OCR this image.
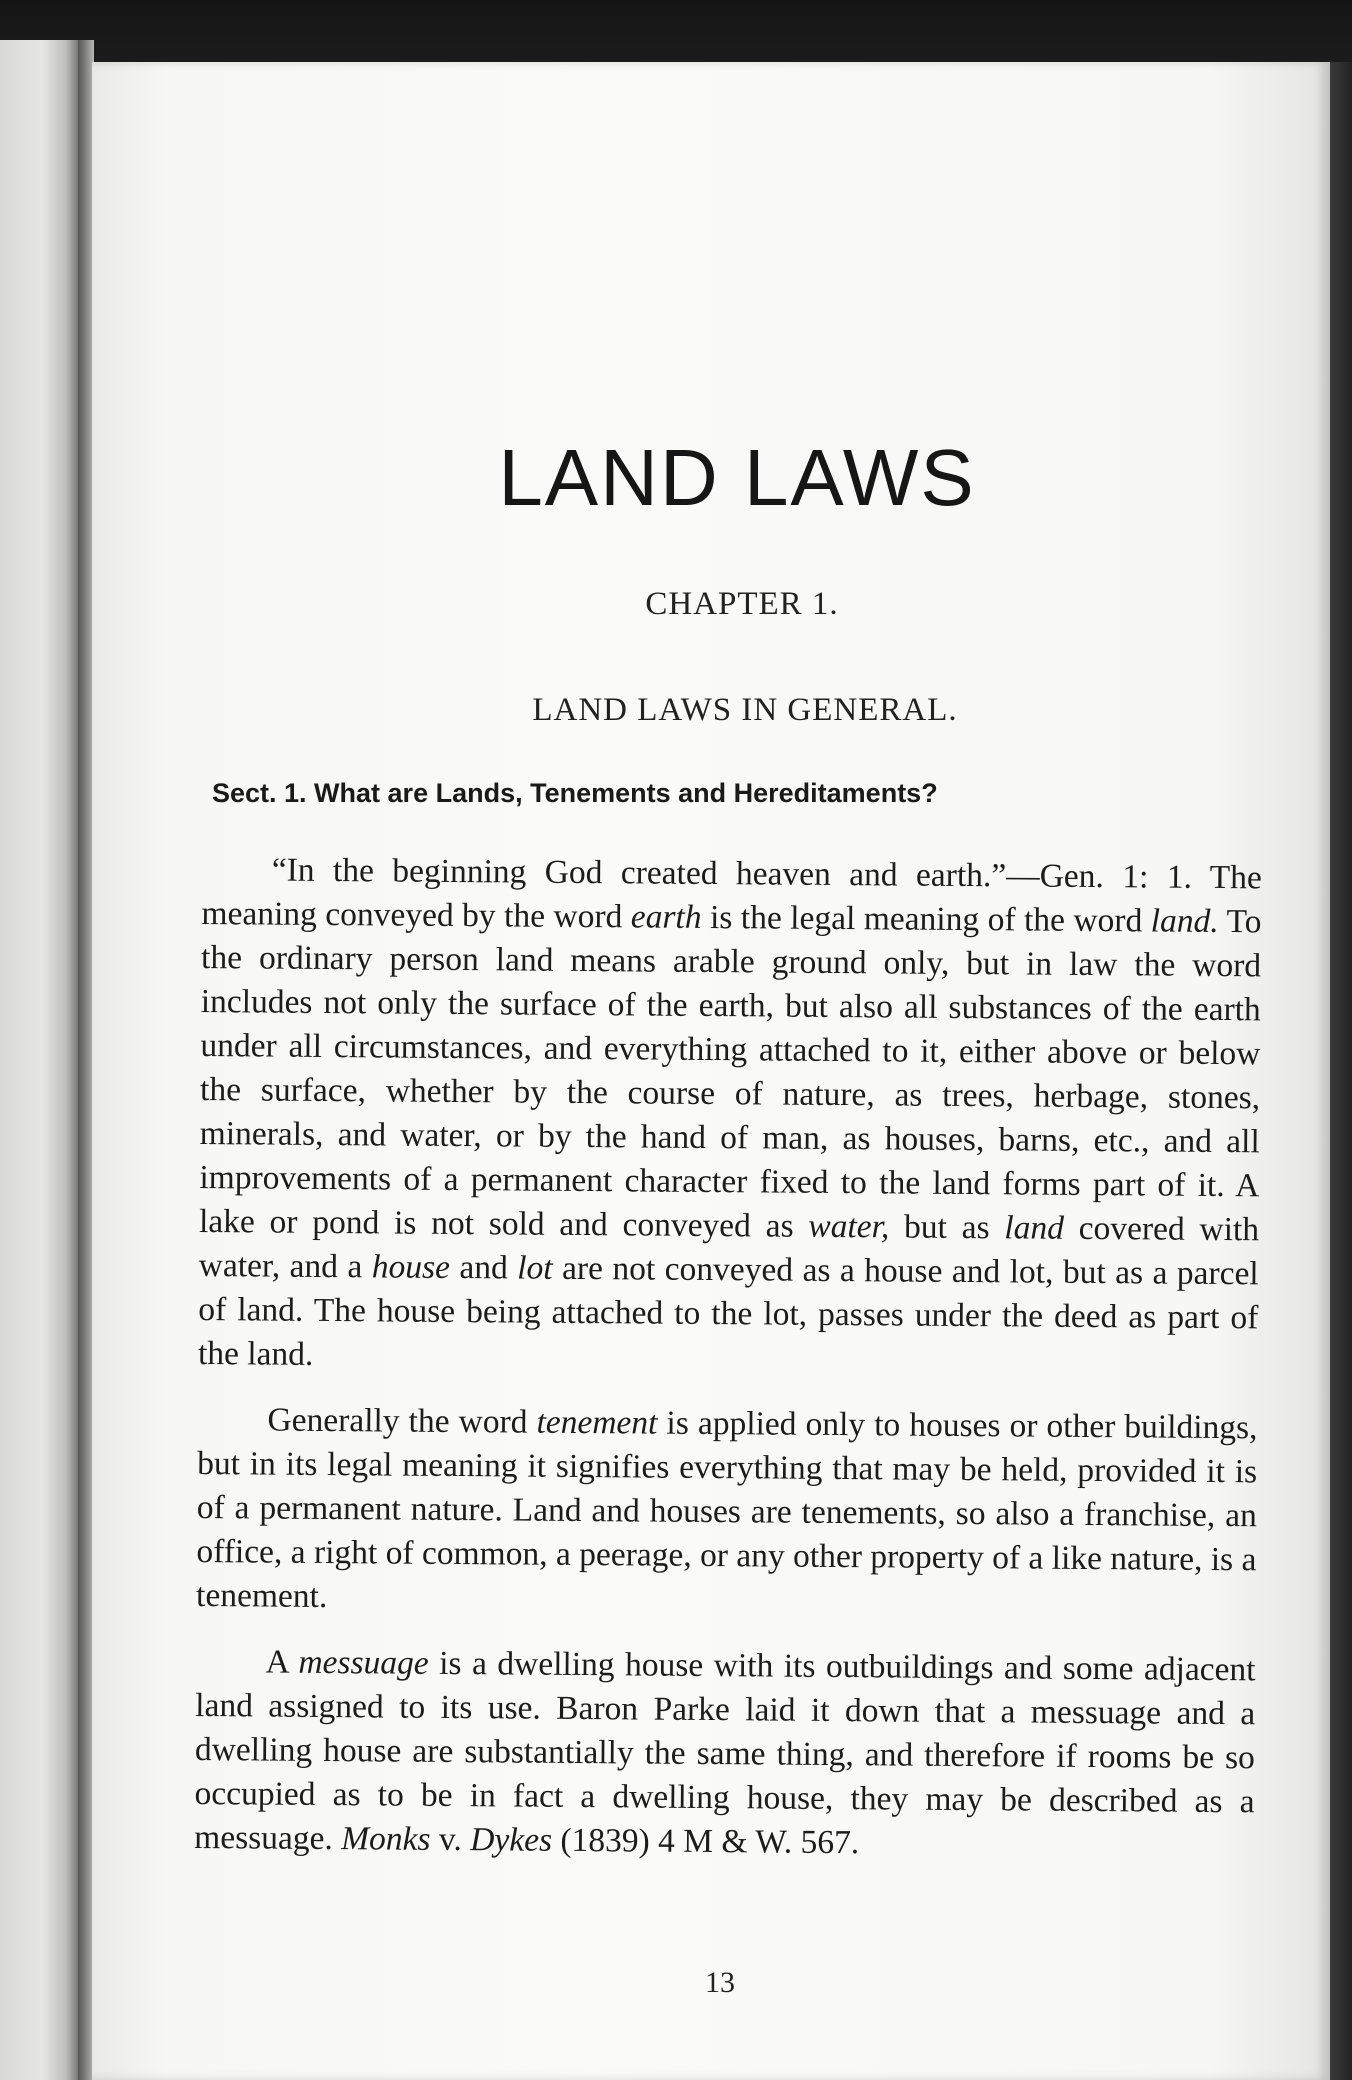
LAND LAWS
CHAPTER 1.
LAND LAWS IN GENERAL.
Sect. 1. What are Lands, Tenements and Hereditaments?

“In the beginning God created heaven and earth.”—Gen. 1: 1. The meaning conveyed by the word earth is the legal meaning of the word land. To the ordinary person land means arable ground only, but in law the word includes not only the surface of the earth, but also all substances of the earth under all circumstances, and everything attached to it, either above or below the surface, whether by the course of nature, as trees, herbage, stones, minerals, and water, or by the hand of man, as houses, barns, etc., and all improvements of a permanent character fixed to the land forms part of it. A lake or pond is not sold and conveyed as water, but as land covered with water, and a house and lot are not conveyed as a house and lot, but as a parcel of land. The house being attached to the lot, passes under the deed as part of the land.

Generally the word tenement is applied only to houses or other buildings, but in its legal meaning it signifies everything that may be held, provided it is of a permanent nature. Land and houses are tenements, so also a franchise, an office, a right of common, a peerage, or any other property of a like nature, is a tenement.

A messuage is a dwelling house with its outbuildings and some adjacent land assigned to its use. Baron Parke laid it down that a messuage and a dwelling house are substantially the same thing, and therefore if rooms be so occupied as to be in fact a dwelling house, they may be described as a messuage. Monks v. Dykes (1839) 4 M & W. 567.

13
